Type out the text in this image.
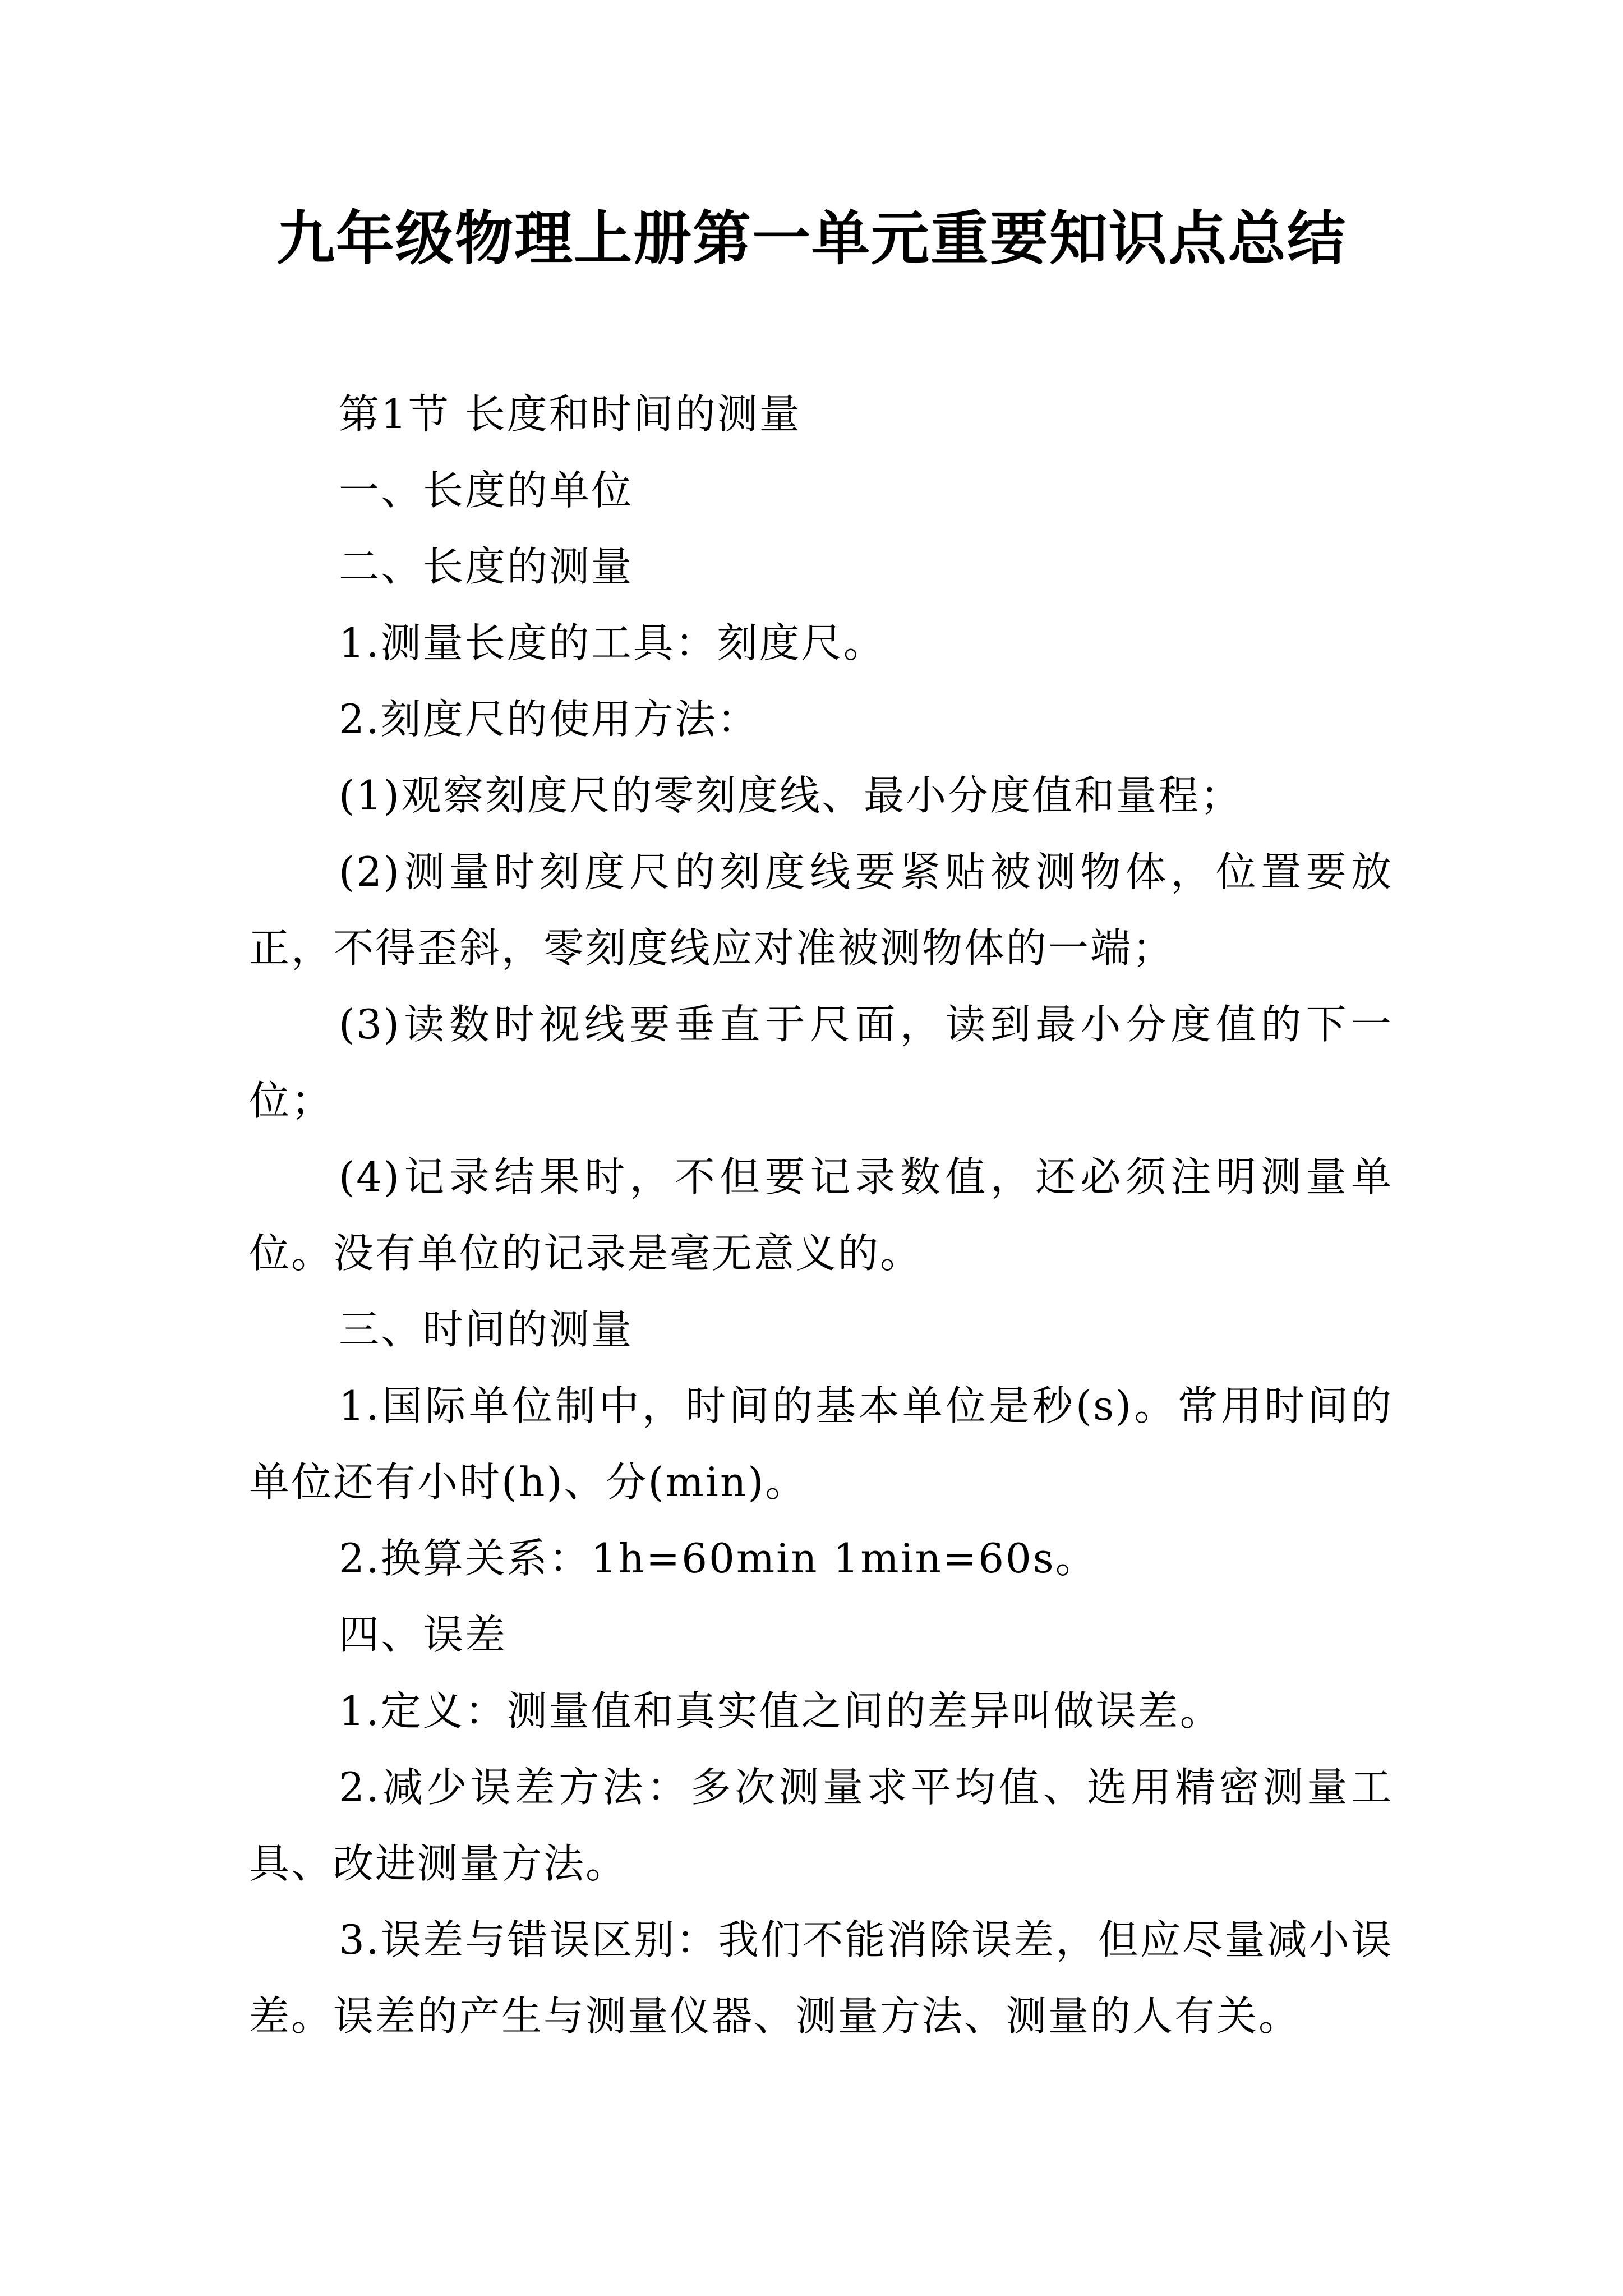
九年级物理上册第一单元重要知识点总结

第1节 长度和时间的测量

一、长度的单位

二、长度的测量

1.测量长度的工具：刻度尺。

2.刻度尺的使用方法：

(1)观察刻度尺的零刻度线、最小分度值和量程；

(2)测量时刻度尺的刻度线要紧贴被测物体，位置要放正，不得歪斜，零刻度线应对准被测物体的一端；

(3)读数时视线要垂直于尺面，读到最小分度值的下一位；

(4)记录结果时，不但要记录数值，还必须注明测量单位。没有单位的记录是毫无意义的。

三、时间的测量

1.国际单位制中，时间的基本单位是秒(s)。常用时间的单位还有小时(h)、分(min)。

2.换算关系：1h=60min 1min=60s。

四、误差

1.定义：测量值和真实值之间的差异叫做误差。

2.减少误差方法：多次测量求平均值、选用精密测量工具、改进测量方法。

3.误差与错误区别：我们不能消除误差，但应尽量减小误差。误差的产生与测量仪器、测量方法、测量的人有关。
